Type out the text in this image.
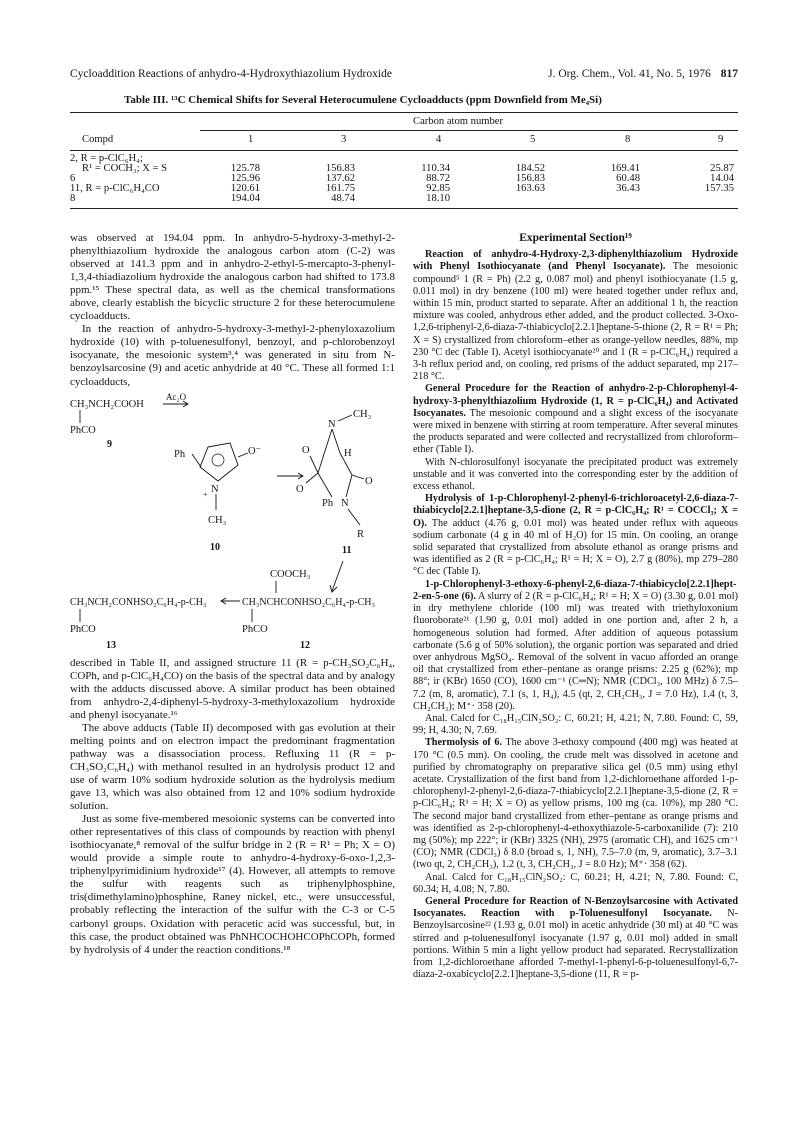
Cycloaddition Reactions of anhydro-4-Hydroxythiazolium Hydroxide	J. Org. Chem., Vol. 41, No. 5, 1976 817
Table III. ¹³C Chemical Shifts for Several Heterocumulene Cycloadducts (ppm Downfield from Me₄Si)
Carbon atom number
Compd	1	3	4	5	8	9
2, R = p-ClC₆H₄;
R¹ = COCH₃; X = S	125.78	156.83	110.34	184.52	169.41	25.87
6	125.96	137.62	88.72	156.83	60.48	14.04
11, R = p-ClC₆H₄CO	120.61	161.75	92.85	163.63	36.43	157.35
8	194.04	48.74	18.10

was observed at 194.04 ppm. In anhydro-5-hydroxy-3-methyl-2-phenylthiazolium hydroxide the analogous carbon atom (C-2) was observed at 141.3 ppm and in anhydro-2-ethyl-5-mercapto-3-phenyl-1,3,4-thiadiazolium hydroxide the analogous carbon had shifted to 173.8 ppm.¹⁵ These spectral data, as well as the chemical transformations above, clearly establish the bicyclic structure 2 for these heterocumulene cycloadducts.

In the reaction of anhydro-5-hydroxy-3-methyl-2-phenyloxazolium hydroxide (10) with p-toluenesulfonyl, benzoyl, and p-chlorobenzoyl isocyanate, the mesoionic system³,⁴ was generated in situ from N-benzoylsarcosine (9) and acetic anhydride at 40 °C. These all formed 1:1 cycloadducts,

CH₃NCH₂COOH
Ac₂O
PhCO
9
Ph	O⁻
N
+
CH₃
10
N
CH₃
O	H
O
O
Ph N
R
11
COOCH₃
CH₃NCH₂CONHSO₂C₆H₄-p-CH₃	CH₃NCHCONHSO₂C₆H₄-p-CH₃
PhCO	PhCO
13	12

described in Table II, and assigned structure 11 (R = p-CH₃SO₂C₆H₄, COPh, and p-ClC₆H₄CO) on the basis of the spectral data and by analogy with the adducts discussed above. A similar product has been obtained from anhydro-2,4-diphenyl-5-hydroxy-3-methyloxazolium hydroxide and phenyl isocyanate.¹⁶

The above adducts (Table II) decomposed with gas evolution at their melting points and on electron impact the predominant fragmentation pathway was a disassociation process. Refluxing 11 (R = p-CH₃SO₂C₆H₄) with methanol resulted in an hydrolysis product 12 and use of warm 10% sodium hydroxide solution as the hydrolysis medium gave 13, which was also obtained from 12 and 10% sodium hydroxide solution.

Just as some five-membered mesoionic systems can be converted into other representatives of this class of compounds by reaction with phenyl isothiocyanate,⁸ removal of the sulfur bridge in 2 (R = R¹ = Ph; X = O) would provide a simple route to anhydro-4-hydroxy-6-oxo-1,2,3-triphenylpyrimidinium hydroxide¹⁷ (4). However, all attempts to remove the sulfur with reagents such as triphenylphosphine, tris(dimethylamino)phosphine, Raney nickel, etc., were unsuccessful, probably reflecting the interaction of the sulfur with the C-3 or C-5 carbonyl groups. Oxidation with peracetic acid was successful, but, in this case, the product obtained was PhNHCOCHOHCOPhCOPh, formed by hydrolysis of 4 under the reaction conditions.¹⁸

Experimental Section¹⁹

Reaction of anhydro-4-Hydroxy-2,3-diphenylthiazolium Hydroxide with Phenyl Isothiocyanate (and Phenyl Isocyanate). The mesoionic compound⁵ 1 (R = Ph) (2.2 g, 0.087 mol) and phenyl isothiocyanate (1.5 g, 0.011 mol) in dry benzene (100 ml) were heated together under reflux and, within 15 min, product started to separate. After an additional 1 h, the reaction mixture was cooled, anhydrous ether added, and the product collected. 3-Oxo-1,2,6-triphenyl-2,6-diaza-7-thiabicyclo[2.2.1]heptane-5-thione (2, R = R¹ = Ph; X = S) crystallized from chloroform–ether as orange-yellow needles, 88%, mp 230 °C dec (Table I). Acetyl isothiocyanate²⁰ and 1 (R = p-ClC₆H₄) required a 3-h reflux period and, on cooling, red prisms of the adduct separated, mp 217–218 °C.

General Procedure for the Reaction of anhydro-2-p-Chlorophenyl-4-hydroxy-3-phenylthiazolium Hydroxide (1, R = p-ClC₆H₄) and Activated Isocyanates. The mesoionic compound and a slight excess of the isocyanate were mixed in benzene with stirring at room temperature. After several minutes the products separated and were collected and recrystallized from chloroform–ether (Table I).

With N-chlorosulfonyl isocyanate the precipitated product was extremely unstable and it was converted into the corresponding ester by the addition of excess ethanol.

Hydrolysis of 1-p-Chlorophenyl-2-phenyl-6-trichloroacetyl-2,6-diaza-7-thiabicyclo[2.2.1]heptane-3,5-dione (2, R = p-ClC₆H₄; R¹ = COCCl₃; X = O). The adduct (4.76 g, 0.01 mol) was heated under reflux with aqueous sodium carbonate (4 g in 40 ml of H₂O) for 15 min. On cooling, an orange solid separated that crystallized from absolute ethanol as orange prisms and was identified as 2 (R = p-ClC₆H₄; R¹ = H; X = O), 2.7 g (80%), mp 279–280 °C dec (Table I).

1-p-Chlorophenyl-3-ethoxy-6-phenyl-2,6-diaza-7-thiabicyclo[2.2.1]hept-2-en-5-one (6). A slurry of 2 (R = p-ClC₆H₄; R¹ = H; X = O) (3.30 g, 0.01 mol) in dry methylene chloride (100 ml) was treated with triethyloxonium fluoroborate²¹ (1.90 g, 0.01 mol) added in one portion and, after 2 h, a homogeneous solution had formed. After addition of aqueous potassium carbonate (5.6 g of 50% solution), the organic portion was separated and dried over anhydrous MgSO₄. Removal of the solvent in vacuo afforded an orange oil that crystallized from ether–pentane as orange prisms: 2.25 g (62%); mp 88°; ir (KBr) 1650 (CO), 1600 cm⁻¹ (C═N); NMR (CDCl₃, 100 MHz) δ 7.5–7.2 (m, 8, aromatic), 7.1 (s, 1, H₄), 4.5 (qt, 2, CH₂CH₃, J = 7.0 Hz), 1.4 (t, 3, CH₂CH₃); M⁺· 358 (20).

Anal. Calcd for C₁₈H₁₅ClN₂SO₂: C, 60.21; H, 4.21; N, 7.80. Found: C, 59, 99; H, 4.30; N, 7.69.

Thermolysis of 6. The above 3-ethoxy compound (400 mg) was heated at 170 °C (0.5 mm). On cooling, the crude melt was dissolved in acetone and purified by chromatography on preparative silica gel (0.5 mm) using ethyl acetate. Crystallization of the first band from 1,2-dichloroethane afforded 1-p-chlorophenyl-2-phenyl-2,6-diaza-7-thiabicyclo[2.2.1]heptane-3,5-dione (2, R = p-ClC₆H₄; R¹ = H; X = O) as yellow prisms, 100 mg (ca. 10%), mp 280 °C. The second major band crystallized from ether–pentane as orange prisms and was identified as 2-p-chlorophenyl-4-ethoxythiazole-5-carboxanilide (7): 210 mg (50%); mp 222°; ir (KBr) 3325 (NH), 2975 (aromatic CH), and 1625 cm⁻¹ (CO); NMR (CDCl₃) δ 8.0 (broad s, 1, NH), 7.5–7.0 (m, 9, aromatic), 3.7–3.1 (two qt, 2, CH₂CH₃), 1.2 (t, 3, CH₂CH₃, J = 8.0 Hz); M⁺· 358 (62).

Anal. Calcd for C₁₈H₁₅ClN₂SO₂: C, 60.21; H, 4.21; N, 7.80. Found: C, 60.34; H, 4.08; N, 7.80.

General Procedure for Reaction of N-Benzoylsarcosine with Activated Isocyanates. Reaction with p-Toluenesulfonyl Isocyanate. N-Benzoylsarcosine²² (1.93 g, 0.01 mol) in acetic anhydride (30 ml) at 40 °C was stirred and p-toluenesulfonyl isocyanate (1.97 g, 0.01 mol) added in small portions. Within 5 min a light yellow product had separated. Recrystallization from 1,2-dichloroethane afforded 7-methyl-1-phenyl-6-p-toluenesulfonyl-6,7-diaza-2-oxabicyclo[2.2.1]heptane-3,5-dione (11, R = p-
